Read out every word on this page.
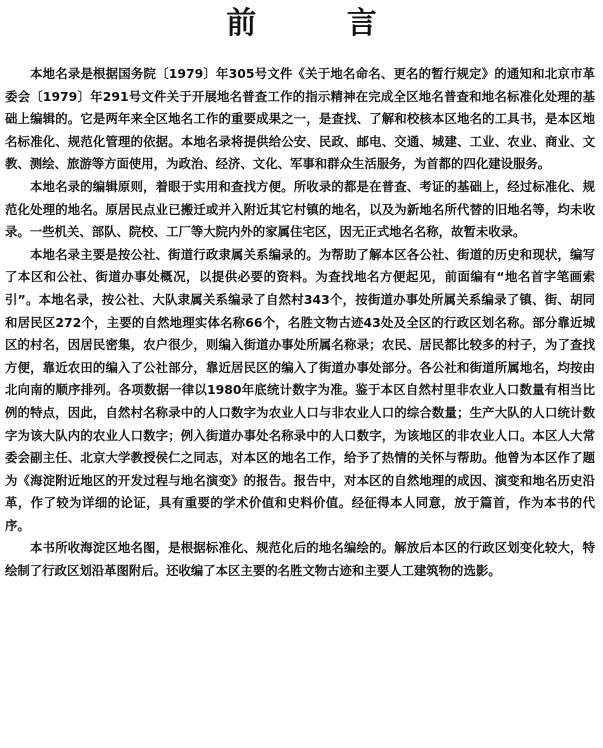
前 言

本地名录是根据国务院〔1979〕年305号文件《关于地名命名、更名的暂行规定》的通知和北京市革委会〔1979〕年291号文件关于开展地名普查工作的指示精神在完成全区地名普查和地名标准化处理的基础上编辑的。它是两年来全区地名工作的重要成果之一，是查找、了解和校核本区地名的工具书，是本区地名标准化、规范化管理的依据。本地名录将提供给公安、民政、邮电、交通、城建、工业、农业、商业、文教、测绘、旅游等方面使用，为政治、经济、文化、军事和群众生活服务，为首都的四化建设服务。

本地名录的编辑原则，着眼于实用和查找方便。所收录的都是在普查、考证的基础上，经过标准化、规范化处理的地名。原居民点业已搬迁或并入附近其它村镇的地名，以及为新地名所代替的旧地名等，均未收录。一些机关、部队、院校、工厂等大院内外的家属住宅区，因无正式地名名称，故暂未收录。

本地名录主要是按公社、街道行政隶属关系编录的。为帮助了解本区各公社、街道的历史和现状，编写了本区和公社、街道办事处概况，以提供必要的资料。为查找地名方便起见，前面编有“地名首字笔画索引”。本地名录，按公社、大队隶属关系编录了自然村343个，按街道办事处所属关系编录了镇、街、胡同和居民区272个，主要的自然地理实体名称66个，名胜文物古迹43处及全区的行政区划名称。部分靠近城区的村名，因居民密集，农户很少，则编入街道办事处所属名称录；农民、居民都比较多的村子，为了查找方便，靠近农田的编入了公社部分，靠近居民区的编入了街道办事处部分。各公社和街道所属地名，均按由北向南的顺序排列。各项数据一律以1980年底统计数字为准。鉴于本区自然村里非农业人口数量有相当比例的特点，因此，自然村名称录中的人口数字为农业人口与非农业人口的综合数量；生产大队的人口统计数字为该大队内的农业人口数字；例入街道办事处名称录中的人口数字，为该地区的非农业人口。本区人大常委会副主任、北京大学教授侯仁之同志，对本区的地名工作，给予了热情的关怀与帮助。他曾为本区作了题为《海淀附近地区的开发过程与地名演变》的报告。报告中，对本区的自然地理的成因、演变和地名历史沿革，作了较为详细的论证，具有重要的学术价值和史料价值。经征得本人同意，放于篇首，作为本书的代序。

本书所收海淀区地名图，是根据标准化、规范化后的地名编绘的。解放后本区的行政区划变化较大，特绘制了行政区划沿革图附后。还收编了本区主要的名胜文物古迹和主要人工建筑物的选影。
